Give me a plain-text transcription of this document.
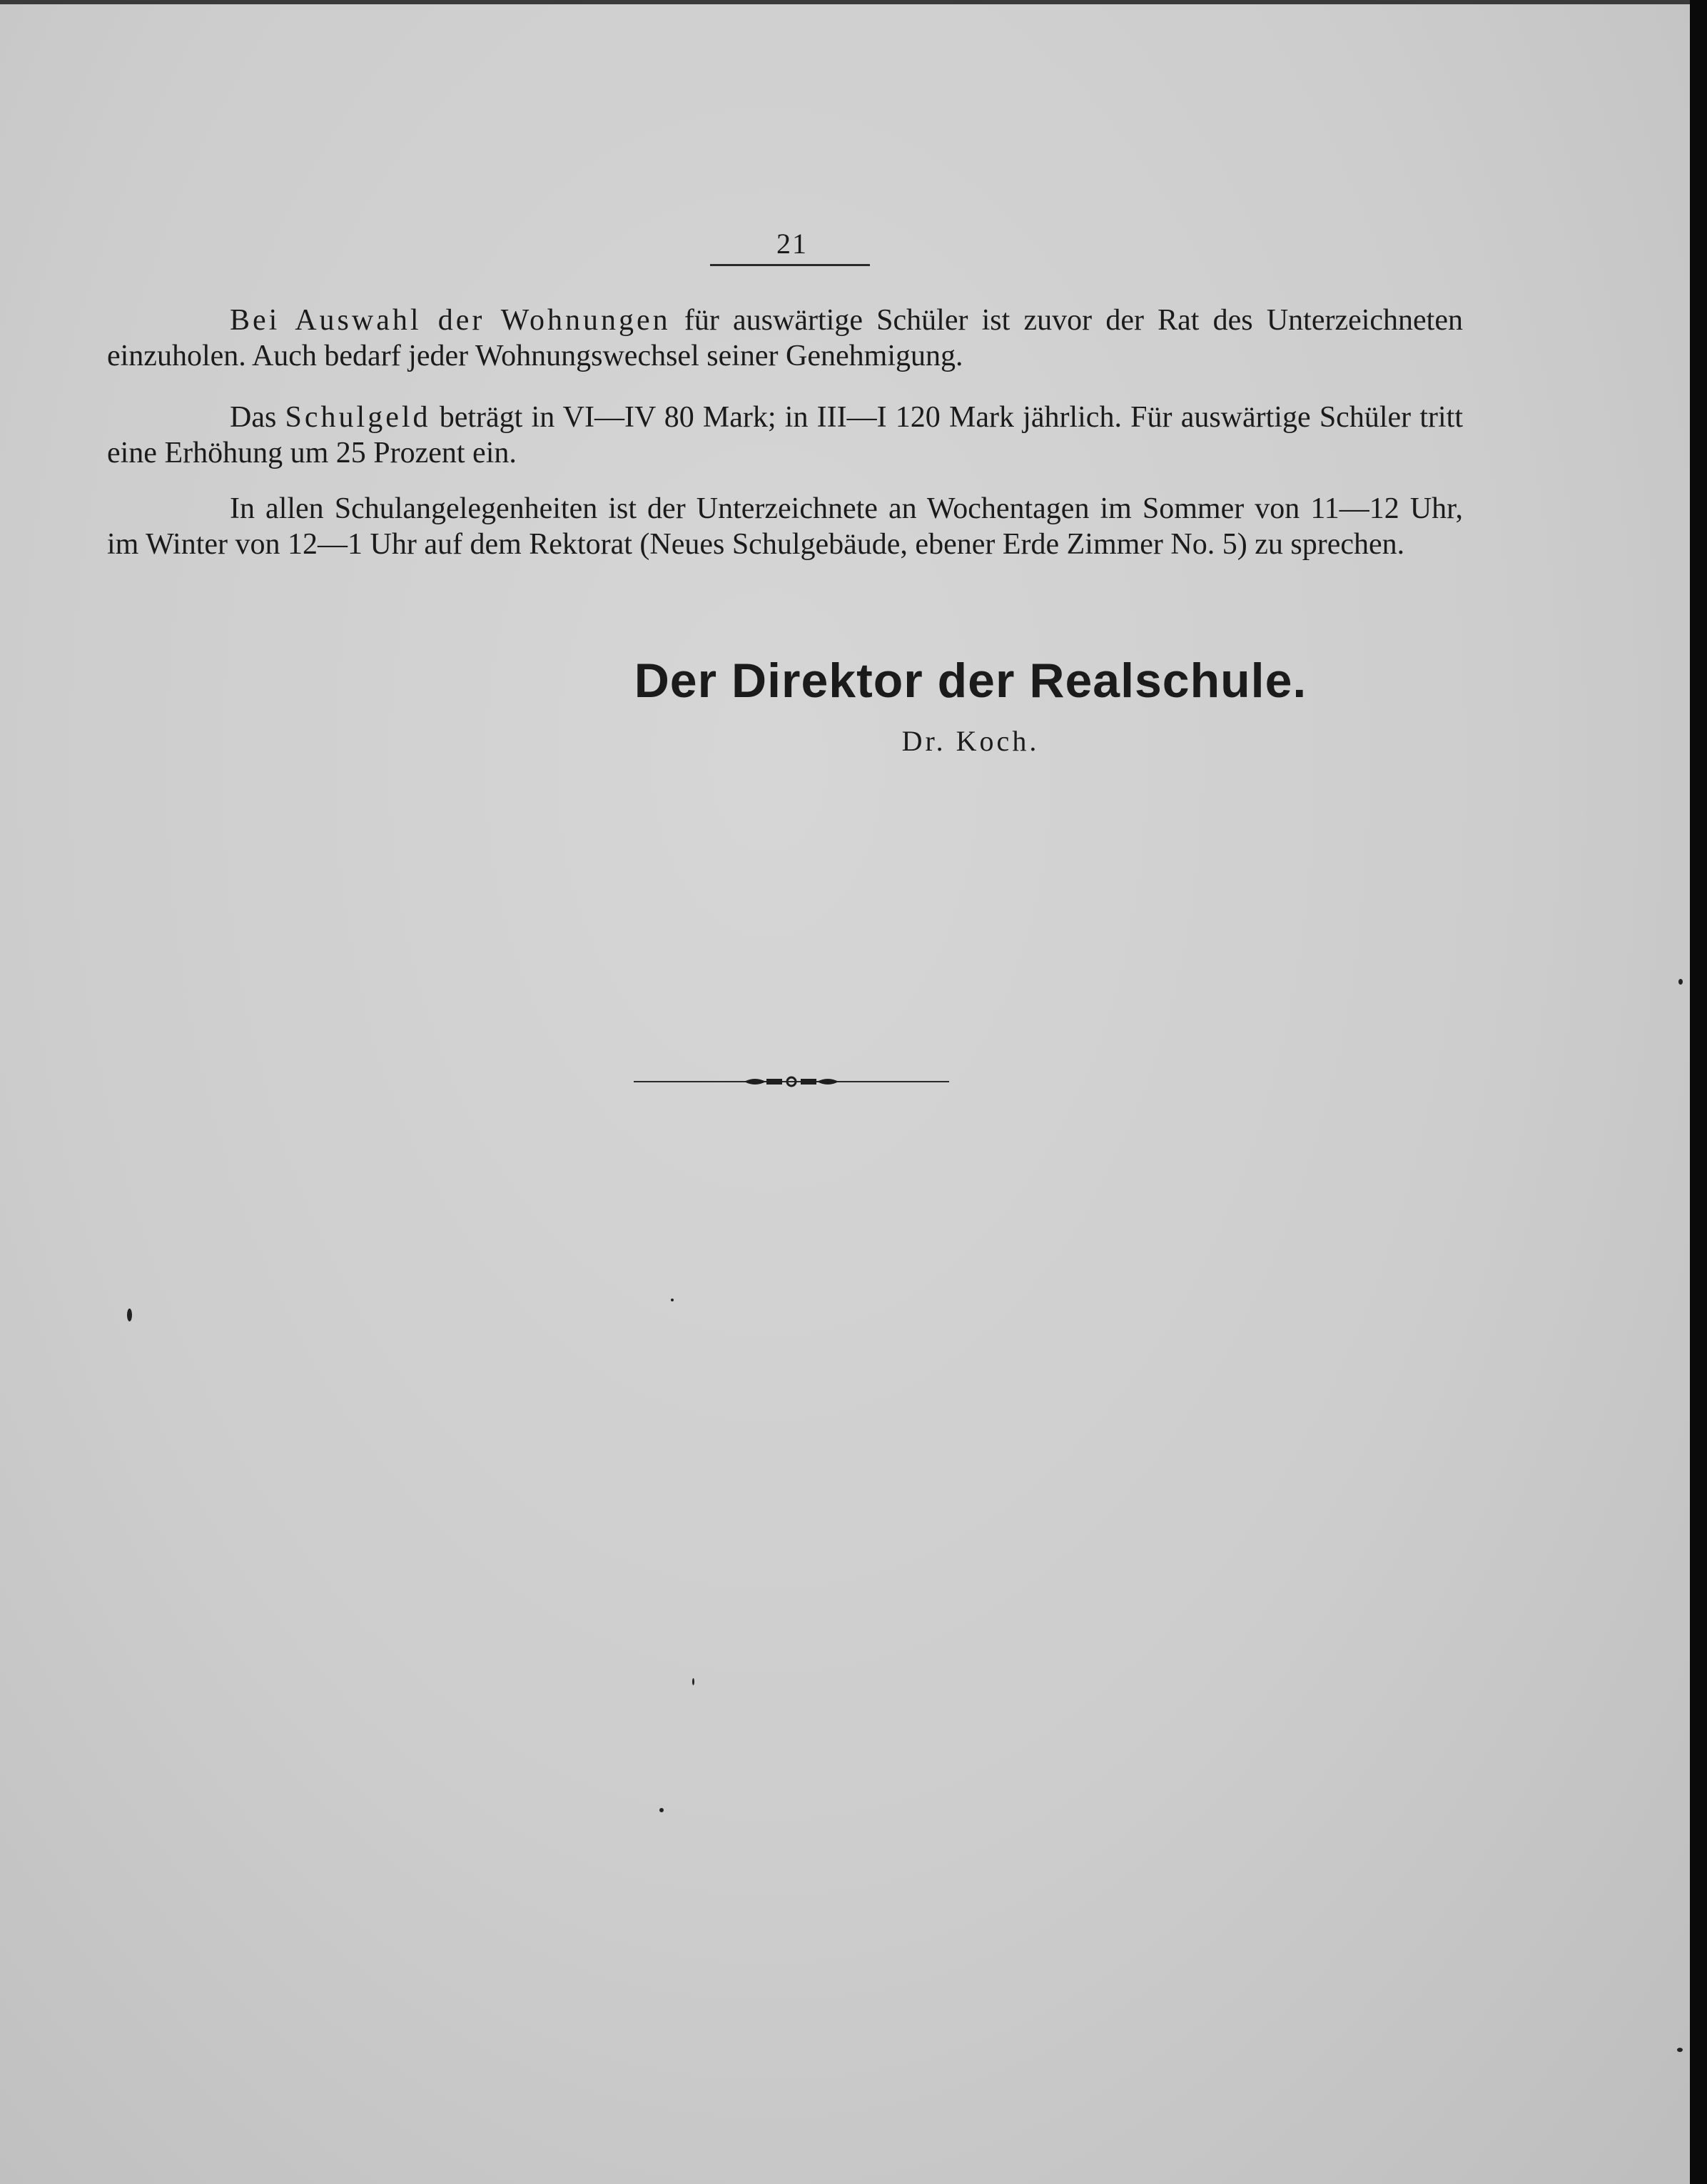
21

Bei Auswahl der Wohnungen für auswärtige Schüler ist zuvor der Rat des Unterzeichneten einzuholen. Auch bedarf jeder Wohnungswechsel seiner Genehmigung.

Das Schulgeld beträgt in VI—IV 80 Mark; in III—I 120 Mark jährlich. Für auswärtige Schüler tritt eine Erhöhung um 25 Prozent ein.

In allen Schulangelegenheiten ist der Unterzeichnete an Wochentagen im Sommer von 11—12 Uhr, im Winter von 12—1 Uhr auf dem Rektorat (Neues Schulgebäude, ebener Erde Zimmer No. 5) zu sprechen.

Der Direktor der Realschule.
Dr. Koch.
